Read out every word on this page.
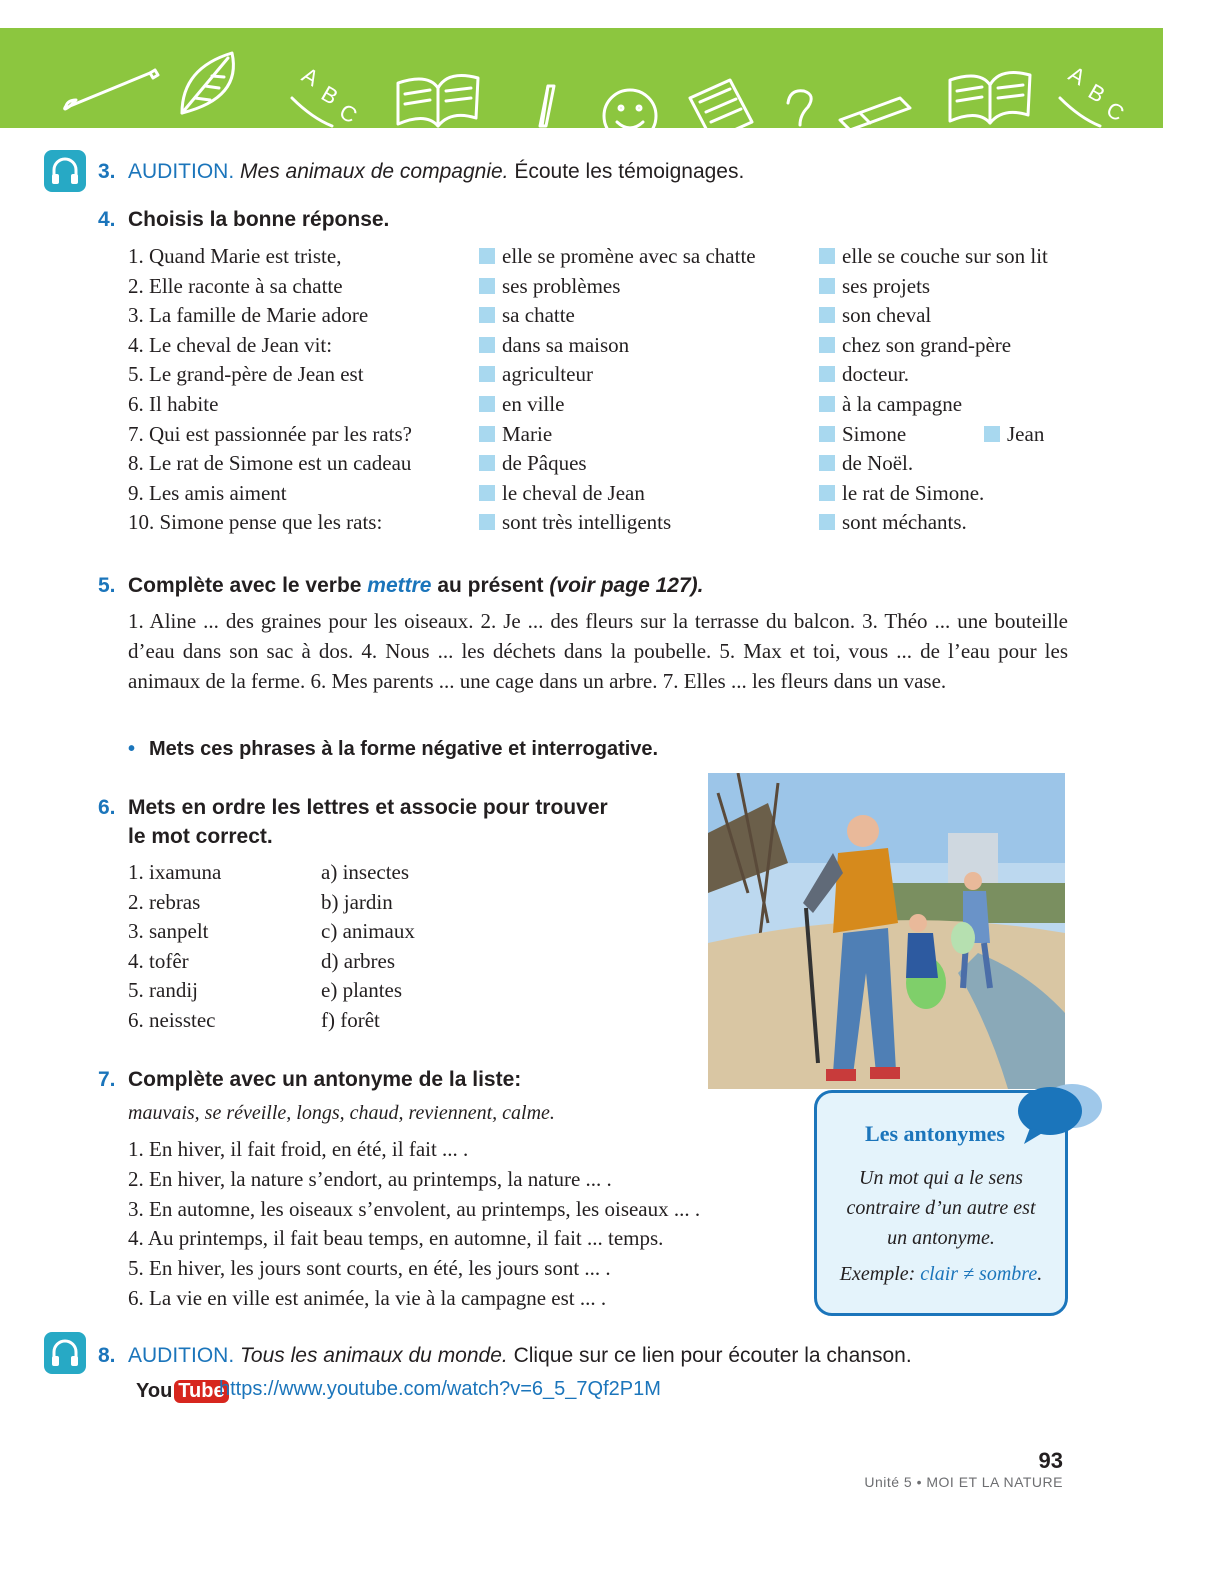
A
B
C
A
B
C
3. AUDITION. Mes animaux de compagnie. Écoute les témoignages.
4. Choisis la bonne réponse.
1. Quand Marie est triste,	elle se promène avec sa chatte	elle se couche sur son lit
2. Elle raconte à sa chatte	ses problèmes	ses projets
3. La famille de Marie adore	sa chatte	son cheval
4. Le cheval de Jean vit:	dans sa maison	chez son grand-père
5. Le grand-père de Jean est	agriculteur	docteur.
6. Il habite	en ville	à la campagne
7. Qui est passionnée par les rats?	Marie	Simone	Jean
8. Le rat de Simone est un cadeau	de Pâques	de Noël.
9. Les amis aiment	le cheval de Jean	le rat de Simone.
10. Simone pense que les rats:	sont très intelligents	sont méchants.
5. Complète avec le verbe mettre au présent (voir page 127).
1. Aline ... des graines pour les oiseaux. 2. Je ... des fleurs sur la terrasse du balcon. 3. Théo ... une bouteille d’eau dans son sac à dos. 4. Nous ... les déchets dans la poubelle. 5. Max et toi, vous ... de l’eau pour les animaux de la ferme. 6. Mes parents ... une cage dans un arbre. 7. Elles ... les fleurs dans un vase.
• Mets ces phrases à la forme négative et interrogative.
6. Mets en ordre les lettres et associe pour trouver
le mot correct.
1. ixamuna	a) insectes
2. rebras	b) jardin
3. sanpelt	c) animaux
4. tofêr	d) arbres
5. randij	e) plantes
6. neisstec	f) forêt
7. Complète avec un antonyme de la liste:
mauvais, se réveille, longs, chaud, reviennent, calme.
1. En hiver, il fait froid, en été, il fait ... .
2. En hiver, la nature s’endort, au printemps, la nature ... .
3. En automne, les oiseaux s’envolent, au printemps, les oiseaux ... .
4. Au printemps, il fait beau temps, en automne, il fait ... temps.
5. En hiver, les jours sont courts, en été, les jours sont ... .
6. La vie en ville est animée, la vie à la campagne est ... .
Les antonymes
Un mot qui a le sens
contraire d’un autre est
un antonyme.
Exemple: clair ≠ sombre.
8. AUDITION. Tous les animaux du monde. Clique sur ce lien pour écouter la chanson.
You Tube
https://www.youtube.com/watch?v=6_5_7Qf2P1M
93
Unité 5 • MOI ET LA NATURE
